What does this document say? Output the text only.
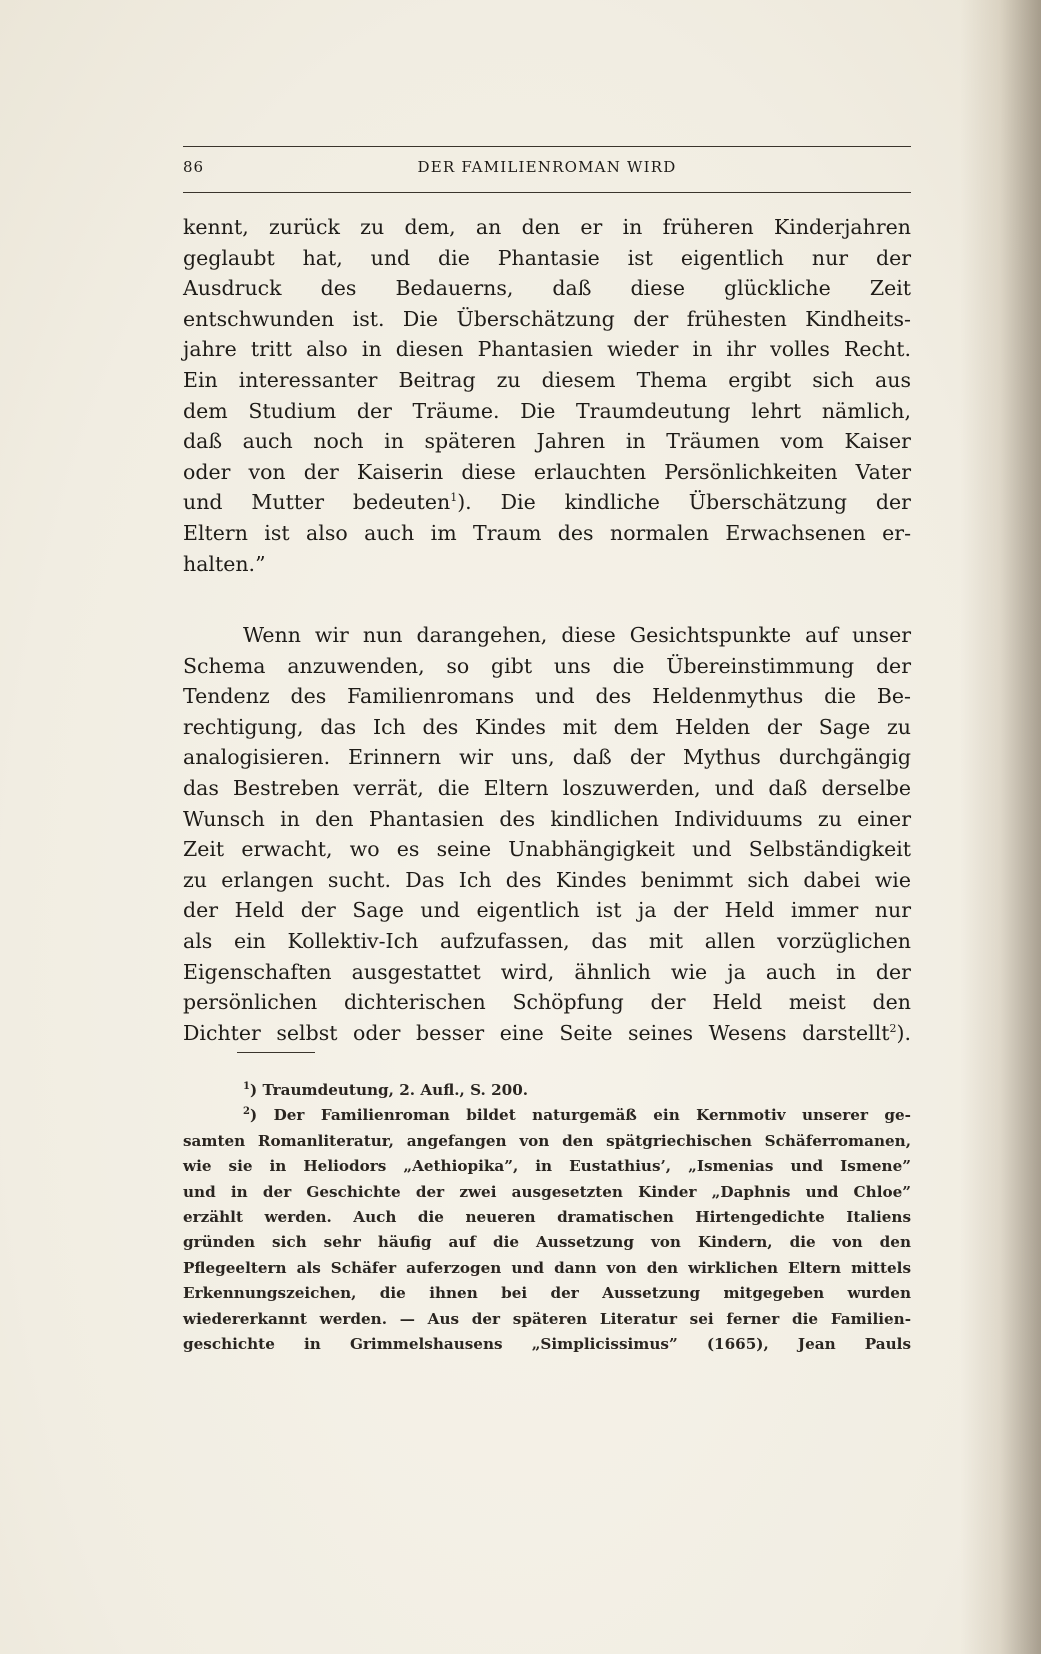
86	DER FAMILIENROMAN WIRD
kennt, zurück zu dem, an den er in früheren Kinderjahren
geglaubt hat, und die Phantasie ist eigentlich nur der
Ausdruck des Bedauerns, daß diese glückliche Zeit
entschwunden ist. Die Überschätzung der frühesten Kindheits-
jahre tritt also in diesen Phantasien wieder in ihr volles Recht.
Ein interessanter Beitrag zu diesem Thema ergibt sich aus
dem Studium der Träume. Die Traumdeutung lehrt nämlich,
daß auch noch in späteren Jahren in Träumen vom Kaiser
oder von der Kaiserin diese erlauchten Persönlichkeiten Vater
und Mutter bedeuten$^1$). Die kindliche Überschätzung der
Eltern ist also auch im Traum des normalen Erwachsenen er-
halten.”
Wenn wir nun darangehen, diese Gesichtspunkte auf unser
Schema anzuwenden, so gibt uns die Übereinstimmung der
Tendenz des Familienromans und des Heldenmythus die Be-
rechtigung, das Ich des Kindes mit dem Helden der Sage zu
analogisieren. Erinnern wir uns, daß der Mythus durchgängig
das Bestreben verrät, die Eltern loszuwerden, und daß derselbe
Wunsch in den Phantasien des kindlichen Individuums zu einer
Zeit erwacht, wo es seine Unabhängigkeit und Selbständigkeit
zu erlangen sucht. Das Ich des Kindes benimmt sich dabei wie
der Held der Sage und eigentlich ist ja der Held immer nur
als ein Kollektiv-Ich aufzufassen, das mit allen vorzüglichen
Eigenschaften ausgestattet wird, ähnlich wie ja auch in der
persönlichen dichterischen Schöpfung der Held meist den
Dichter selbst oder besser eine Seite seines Wesens darstellt$^2$).
$^1$) Traumdeutung, 2. Aufl., S. 200.
$^2$) Der Familienroman bildet naturgemäß ein Kernmotiv unserer ge-
samten Romanliteratur, angefangen von den spätgriechischen Schäferromanen,
wie sie in Heliodors „Aethiopika”, in Eustathius’, „Ismenias und Ismene”
und in der Geschichte der zwei ausgesetzten Kinder „Daphnis und Chloe”
erzählt werden. Auch die neueren dramatischen Hirtengedichte Italiens
gründen sich sehr häufig auf die Aussetzung von Kindern, die von den
Pflegeeltern als Schäfer auferzogen und dann von den wirklichen Eltern mittels
Erkennungszeichen, die ihnen bei der Aussetzung mitgegeben wurden
wiedererkannt werden. — Aus der späteren Literatur sei ferner die Familien-
geschichte in Grimmelshausens „Simplicissimus” (1665), Jean Pauls
